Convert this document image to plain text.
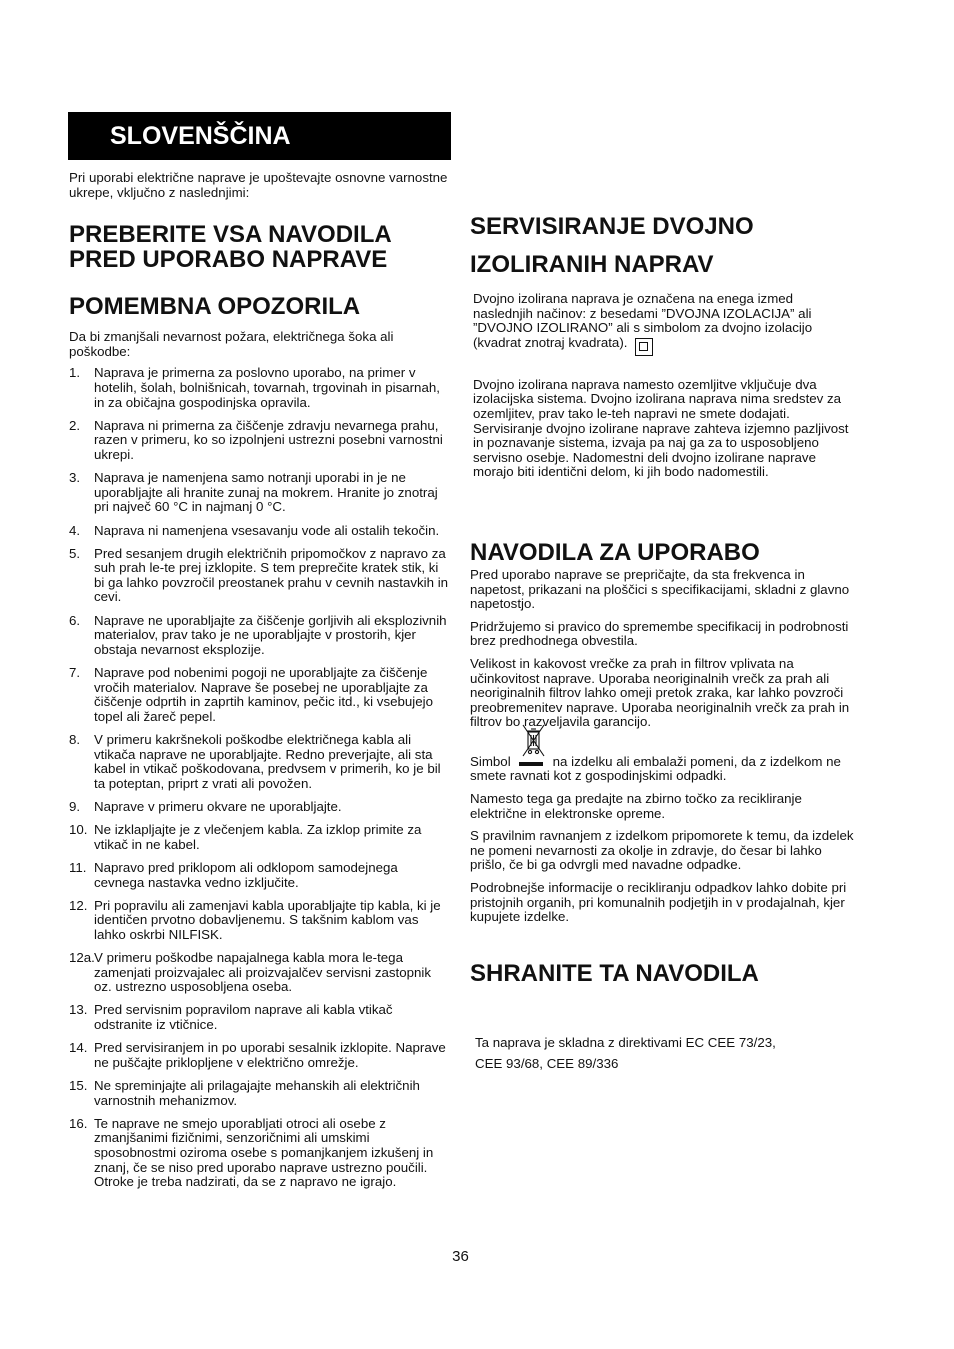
SLOVENŠČINA

Pri uporabi električne naprave je upoštevajte osnovne varnostne ukrepe, vključno z naslednjimi:

PREBERITE VSA NAVODILA
PRED UPORABO NAPRAVE
POMEMBNA OPOZORILA

Da bi zmanjšali nevarnost požara, električnega šoka ali poškodbe:

1. Naprava je primerna za poslovno uporabo, na primer v hotelih, šolah, bolnišnicah, tovarnah, trgovinah in pisarnah, in za običajna gospodinjska opravila.
2. Naprava ni primerna za čiščenje zdravju nevarnega prahu, razen v primeru, ko so izpolnjeni ustrezni posebni varnostni ukrepi.
3. Naprava je namenjena samo notranji uporabi in je ne uporabljajte ali hranite zunaj na mokrem. Hranite jo znotraj pri največ 60 °C in najmanj 0 °C.
4. Naprava ni namenjena vsesavanju vode ali ostalih tekočin.
5. Pred sesanjem drugih električnih pripomočkov z napravo za suh prah le-te prej izklopite. S tem preprečite kratek stik, ki bi ga lahko povzročil preostanek prahu v cevnih nastavkih in cevi.
6. Naprave ne uporabljajte za čiščenje gorljivih ali eksplozivnih materialov, prav tako je ne uporabljajte v prostorih, kjer obstaja nevarnost eksplozije.
7. Naprave pod nobenimi pogoji ne uporabljajte za čiščenje vročih materialov. Naprave še posebej ne uporabljajte za čiščenje odprtih in zaprtih kaminov, pečic itd., ki vsebujejo topel ali žareč pepel.
8. V primeru kakršnekoli poškodbe električnega kabla ali vtikača naprave ne uporabljajte. Redno preverjajte, ali sta kabel in vtikač poškodovana, predvsem v primerih, ko je bil ta poteptan, priprt z vrati ali povožen.
9. Naprave v primeru okvare ne uporabljajte.
10. Ne izklapljajte je z vlečenjem kabla. Za izklop primite za vtikač in ne kabel.
11. Napravo pred priklopom ali odklopom samodejnega cevnega nastavka vedno izključite.
12. Pri popravilu ali zamenjavi kabla uporabljajte tip kabla, ki je identičen prvotno dobavljenemu. S takšnim kablom vas lahko oskrbi NILFISK.
12a. V primeru poškodbe napajalnega kabla mora le-tega zamenjati proizvajalec ali proizvajalčev servisni zastopnik oz. ustrezno usposobljena oseba.
13. Pred servisnim popravilom naprave ali kabla vtikač odstranite iz vtičnice.
14. Pred servisiranjem in po uporabi sesalnik izklopite. Naprave ne puščajte priklopljene v električno omrežje.
15. Ne spreminjajte ali prilagajajte mehanskih ali električnih varnostnih mehanizmov.
16. Te naprave ne smejo uporabljati otroci ali osebe z zmanjšanimi fizičnimi, senzoričnimi ali umskimi sposobnostmi oziroma osebe s pomanjkanjem izkušenj in znanj, če se niso pred uporabo naprave ustrezno poučili. Otroke je treba nadzirati, da se z napravo ne igrajo.
SERVISIRANJE DVOJNO
IZOLIRANIH NAPRAV

Dvojno izolirana naprava je označena na enega izmed naslednjih načinov: z besedami ”DVOJNA IZOLACIJA” ali ”DVOJNO IZOLIRANO” ali s simbolom za dvojno izolacijo (kvadrat znotraj kvadrata).

Dvojno izolirana naprava namesto ozemljitve vključuje dva izolacijska sistema. Dvojno izolirana naprava nima sredstev za ozemljitev, prav tako le-teh napravi ne smete dodajati. Servisiranje dvojno izolirane naprave zahteva izjemno pazljivost in poznavanje sistema, izvaja pa naj ga za to usposobljeno servisno osebje. Nadomestni deli dvojno izolirane naprave morajo biti identični delom, ki jih bodo nadomestili.

NAVODILA ZA UPORABO

Pred uporabo naprave se prepričajte, da sta frekvenca in napetost, prikazani na ploščici s specifikacijami, skladni z glavno napetostjo.

Pridržujemo si pravico do spremembe specifikacij in podrobnosti brez predhodnega obvestila.

Velikost in kakovost vrečke za prah in filtrov vplivata na učinkovitost naprave. Uporaba neoriginalnih vrečk za prah ali neoriginalnih filtrov lahko omeji pretok zraka, kar lahko povzroči preobremenitev naprave. Uporaba neoriginalnih vrečk za prah in filtrov bo razveljavila garancijo.

Simbol	na izdelku ali embalaži pomeni, da z izdelkom ne smete ravnati kot z gospodinjskimi odpadki.

Namesto tega ga predajte na zbirno točko za recikliranje električne in elektronske opreme.

S pravilnim ravnanjem z izdelkom pripomorete k temu, da izdelek ne pomeni nevarnosti za okolje in zdravje, do česar bi lahko prišlo, če bi ga odvrgli med navadne odpadke.

Podrobnejše informacije o recikliranju odpadkov lahko dobite pri pristojnih organih, pri komunalnih podjetjih in v prodajalnah, kjer kupujete izdelke.

SHRANITE TA NAVODILA

Ta naprava je skladna z direktivami EC CEE 73/23,
CEE 93/68, CEE 89/336

36
